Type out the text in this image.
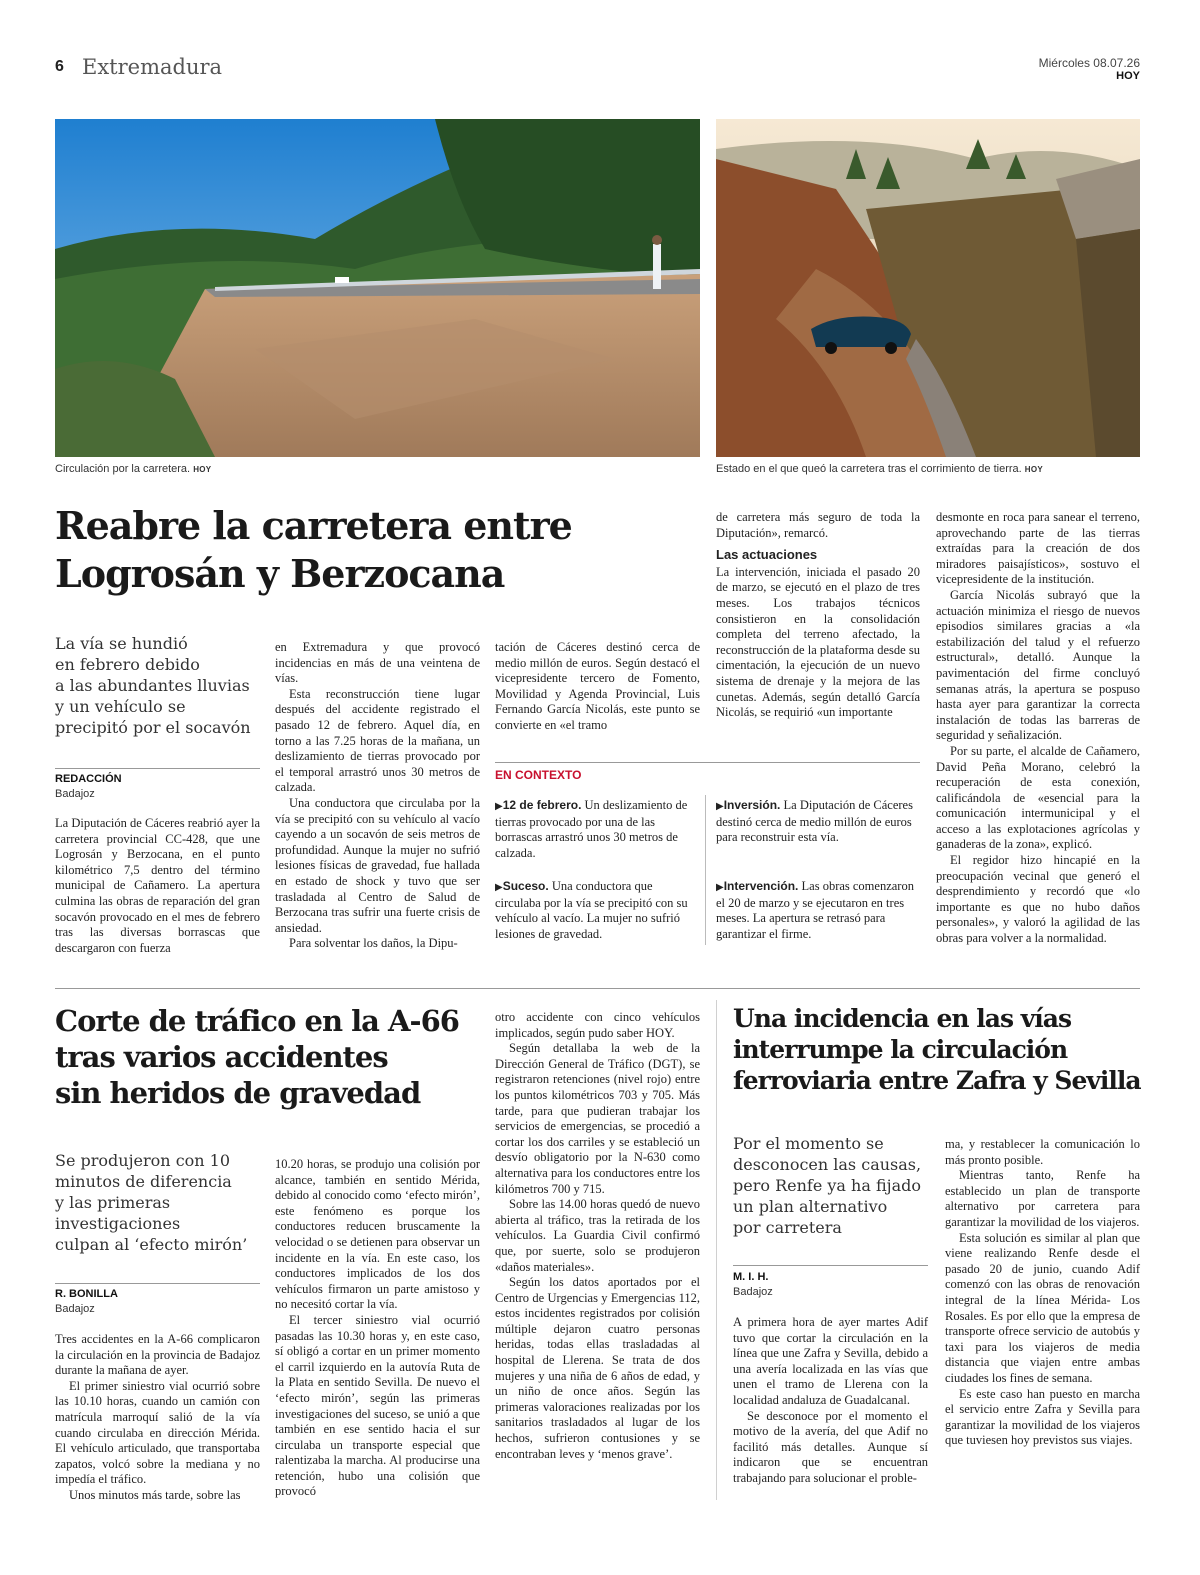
6 Extremadura	Miércoles 08.07.26
HOY
Circulación por la carretera. HOY	Estado en el que queó la carretera tras el corrimiento de tierra. HOY
Reabre la carretera entre
Logrosán y Berzocana
La vía se hundió
en febrero debido
a las abundantes lluvias
y un vehículo se
precipitó por el socavón
REDACCIÓN
Badajoz

La Diputación de Cáceres reabrió ayer la carretera provincial CC-428, que une Logrosán y Berzocana, en el punto kilométrico 7,5 dentro del término municipal de Cañamero. La apertura culmina las obras de reparación del gran socavón provocado en el mes de febrero tras las diversas borrascas que descargaron con fuerza

en Extremadura y que provocó incidencias en más de una veintena de vías.

Esta reconstrucción tiene lugar después del accidente registrado el pasado 12 de febrero. Aquel día, en torno a las 7.25 horas de la mañana, un deslizamiento de tierras provocado por el temporal arrastró unos 30 metros de calzada.

Una conductora que circulaba por la vía se precipitó con su vehículo al vacío cayendo a un socavón de seis metros de profundidad. Aunque la mujer no sufrió lesiones físicas de gravedad, fue hallada en estado de shock y tuvo que ser trasladada al Centro de Salud de Berzocana tras sufrir una fuerte crisis de ansiedad.

Para solventar los daños, la Dipu-

tación de Cáceres destinó cerca de medio millón de euros. Según destacó el vicepresidente tercero de Fomento, Movilidad y Agenda Provincial, Luis Fernando García Nicolás, este punto se convierte en «el tramo

de carretera más seguro de toda la Diputación», remarcó.

Las actuaciones

La intervención, iniciada el pasado 20 de marzo, se ejecutó en el plazo de tres meses. Los trabajos técnicos consistieron en la consolidación completa del terreno afectado, la reconstrucción de la plataforma desde su cimentación, la ejecución de un nuevo sistema de drenaje y la mejora de las cunetas. Además, según detalló García Nicolás, se requirió «un importante

desmonte en roca para sanear el terreno, aprovechando parte de las tierras extraídas para la creación de dos miradores paisajísticos», sostuvo el vicepresidente de la institución.

García Nicolás subrayó que la actuación minimiza el riesgo de nuevos episodios similares gracias a «la estabilización del talud y el refuerzo estructural», detalló. Aunque la pavimentación del firme concluyó semanas atrás, la apertura se pospuso hasta ayer para garantizar la correcta instalación de todas las barreras de seguridad y señalización.

Por su parte, el alcalde de Cañamero, David Peña Morano, celebró la recuperación de esta conexión, calificándola de «esencial para la comunicación intermunicipal y el acceso a las explotaciones agrícolas y ganaderas de la zona», explicó.

El regidor hizo hincapié en la preocupación vecinal que generó el desprendimiento y recordó que «lo importante es que no hubo daños personales», y valoró la agilidad de las obras para volver a la normalidad.

EN CONTEXTO
▶12 de febrero. Un deslizamiento de tierras provocado por una de las borrascas arrastró unos 30 metros de calzada.
▶Suceso. Una conductora que circulaba por la vía se precipitó con su vehículo al vacío. La mujer no sufrió lesiones de gravedad.
▶Inversión. La Diputación de Cáceres destinó cerca de medio millón de euros para reconstruir esta vía.
▶Intervención. Las obras comenzaron el 20 de marzo y se ejecutaron en tres meses. La apertura se retrasó para garantizar el firme.
Corte de tráfico en la A-66
tras varios accidentes
sin heridos de gravedad
Se produjeron con 10
minutos de diferencia
y las primeras
investigaciones
culpan al ‘efecto mirón’
R. BONILLA
Badajoz

Tres accidentes en la A-66 complicaron la circulación en la provincia de Badajoz durante la mañana de ayer.

El primer siniestro vial ocurrió sobre las 10.10 horas, cuando un camión con matrícula marroquí salió de la vía cuando circulaba en dirección Mérida. El vehículo articulado, que transportaba zapatos, volcó sobre la mediana y no impedía el tráfico.

Unos minutos más tarde, sobre las

10.20 horas, se produjo una colisión por alcance, también en sentido Mérida, debido al conocido como ‘efecto mirón’, este fenómeno es porque los conductores reducen bruscamente la velocidad o se detienen para observar un incidente en la vía. En este caso, los conductores implicados de los dos vehículos firmaron un parte amistoso y no necesitó cortar la vía.

El tercer siniestro vial ocurrió pasadas las 10.30 horas y, en este caso, sí obligó a cortar en un primer momento el carril izquierdo en la autovía Ruta de la Plata en sentido Sevilla. De nuevo el ‘efecto mirón’, según las primeras investigaciones del suceso, se unió a que también en ese sentido hacia el sur circulaba un transporte especial que ralentizaba la marcha. Al producirse una retención, hubo una colisión que provocó

otro accidente con cinco vehículos implicados, según pudo saber HOY.

Según detallaba la web de la Dirección General de Tráfico (DGT), se registraron retenciones (nivel rojo) entre los puntos kilométricos 703 y 705. Más tarde, para que pudieran trabajar los servicios de emergencias, se procedió a cortar los dos carriles y se estableció un desvío obligatorio por la N-630 como alternativa para los conductores entre los kilómetros 700 y 715.

Sobre las 14.00 horas quedó de nuevo abierta al tráfico, tras la retirada de los vehículos. La Guardia Civil confirmó que, por suerte, solo se produjeron «daños materiales».

Según los datos aportados por el Centro de Urgencias y Emergencias 112, estos incidentes registrados por colisión múltiple dejaron cuatro personas heridas, todas ellas trasladadas al hospital de Llerena. Se trata de dos mujeres y una niña de 6 años de edad, y un niño de once años. Según las primeras valoraciones realizadas por los sanitarios trasladados al lugar de los hechos, sufrieron contusiones y se encontraban leves y ‘menos grave’.

Una incidencia en las vías
interrumpe la circulación
ferroviaria entre Zafra y Sevilla
Por el momento se
desconocen las causas,
pero Renfe ya ha fijado
un plan alternativo
por carretera
M. I. H.
Badajoz

A primera hora de ayer martes Adif tuvo que cortar la circulación en la línea que une Zafra y Sevilla, debido a una avería localizada en las vías que unen el tramo de Llerena con la localidad andaluza de Guadalcanal.

Se desconoce por el momento el motivo de la avería, del que Adif no facilitó más detalles. Aunque sí indicaron que se encuentran trabajando para solucionar el proble-

ma, y restablecer la comunicación lo más pronto posible.

Mientras tanto, Renfe ha establecido un plan de transporte alternativo por carretera para garantizar la movilidad de los viajeros.

Esta solución es similar al plan que viene realizando Renfe desde el pasado 20 de junio, cuando Adif comenzó con las obras de renovación integral de la línea Mérida- Los Rosales. Es por ello que la empresa de transporte ofrece servicio de autobús y taxi para los viajeros de media distancia que viajen entre ambas ciudades los fines de semana.

Es este caso han puesto en marcha el servicio entre Zafra y Sevilla para garantizar la movilidad de los viajeros que tuviesen hoy previstos sus viajes.
